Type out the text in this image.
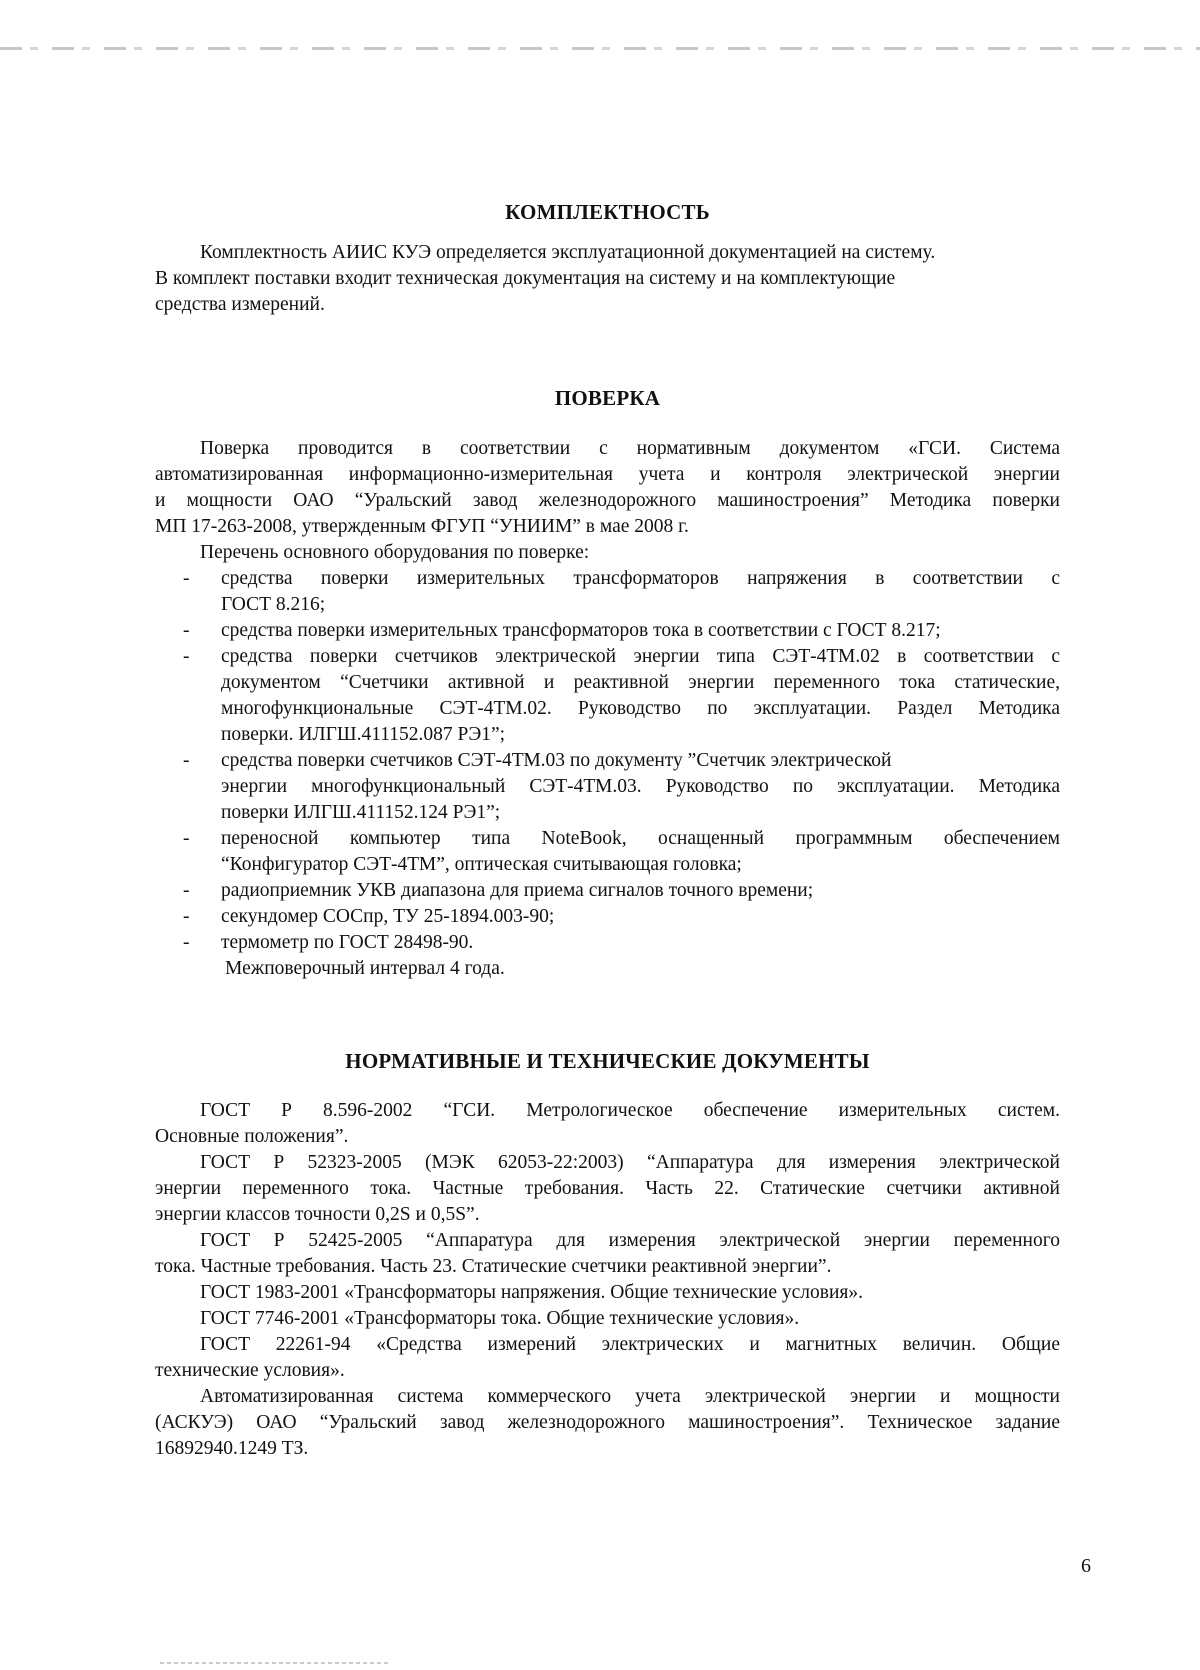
КОМПЛЕКТНОСТЬ
Комплектность АИИС КУЭ определяется эксплуатационной документацией на систему.
В комплект поставки входит техническая документация на систему и на комплектующие
средства измерений.
ПОВЕРКА
Поверка проводится в соответствии с нормативным документом «ГСИ. Система
автоматизированная информационно-измерительная учета и контроля электрической энергии
и мощности ОАО “Уральский завод железнодорожного машиностроения” Методика поверки
МП 17-263-2008, утвержденным ФГУП “УНИИМ” в мае 2008 г.
Перечень основного оборудования по поверке:
- средства поверки измерительных трансформаторов напряжения в соответствии с
ГОСТ 8.216;
- средства поверки измерительных трансформаторов тока в соответствии с ГОСТ 8.217;
- средства поверки счетчиков электрической энергии типа СЭТ-4ТМ.02 в соответствии с
документом “Счетчики активной и реактивной энергии переменного тока статические,
многофункциональные СЭТ-4ТМ.02. Руководство по эксплуатации. Раздел Методика
поверки. ИЛГШ.411152.087 РЭ1”;
- средства поверки счетчиков СЭТ-4ТМ.03 по документу ”Счетчик электрической
энергии многофункциональный СЭТ-4ТМ.03. Руководство по эксплуатации. Методика
поверки ИЛГШ.411152.124 РЭ1”;
- переносной компьютер типа NoteBook, оснащенный программным обеспечением
“Конфигуратор СЭТ-4ТМ”, оптическая считывающая головка;
- радиоприемник УКВ диапазона для приема сигналов точного времени;
- секундомер СОСпр, ТУ 25-1894.003-90;
- термометр по ГОСТ 28498-90.
Межповерочный интервал 4 года.
НОРМАТИВНЫЕ И ТЕХНИЧЕСКИЕ ДОКУМЕНТЫ
ГОСТ Р 8.596-2002 “ГСИ. Метрологическое обеспечение измерительных систем.
Основные положения”.
ГОСТ Р 52323-2005 (МЭК 62053-22:2003) “Аппаратура для измерения электрической
энергии переменного тока. Частные требования. Часть 22. Статические счетчики активной
энергии классов точности 0,2S и 0,5S”.
ГОСТ Р 52425-2005 “Аппаратура для измерения электрической энергии переменного
тока. Частные требования. Часть 23. Статические счетчики реактивной энергии”.
ГОСТ 1983-2001 «Трансформаторы напряжения. Общие технические условия».
ГОСТ 7746-2001 «Трансформаторы тока. Общие технические условия».
ГОСТ 22261-94 «Средства измерений электрических и магнитных величин. Общие
технические условия».
Автоматизированная система коммерческого учета электрической энергии и мощности
(АСКУЭ) ОАО “Уральский завод железнодорожного машиностроения”. Техническое задание
16892940.1249 ТЗ.
6
